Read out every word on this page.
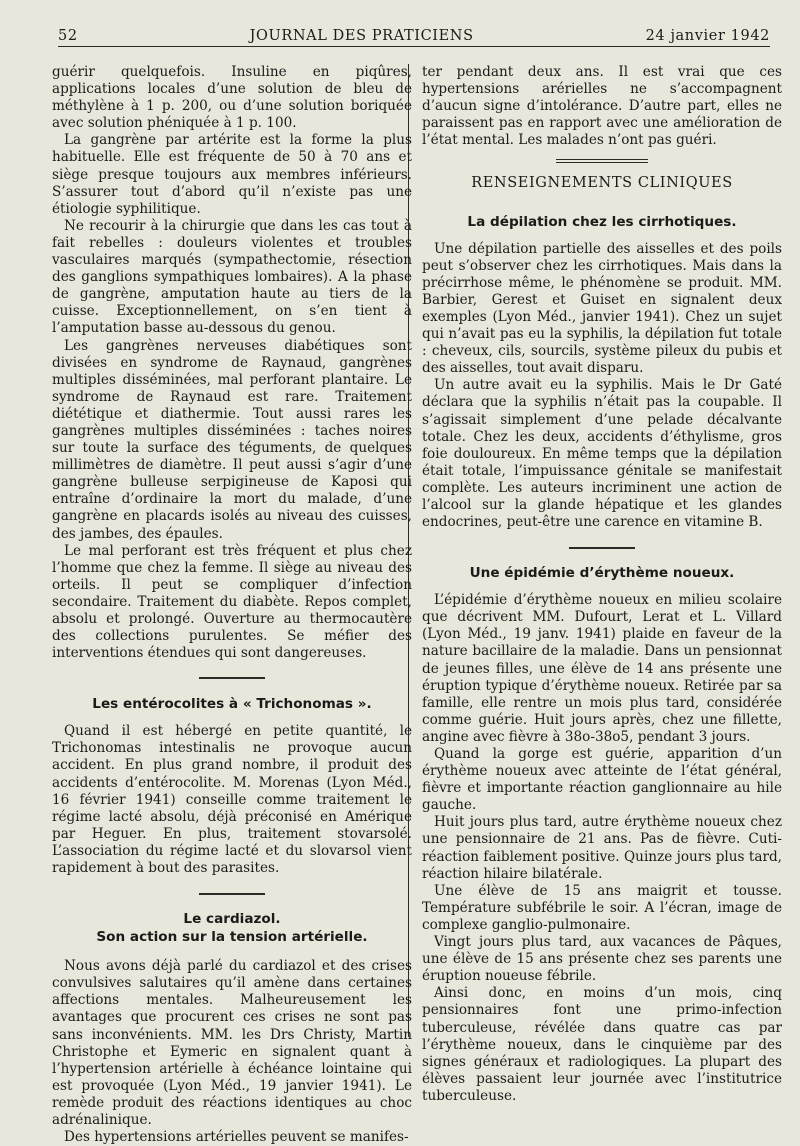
52	JOURNAL DES PRATICIENS	24 janvier 1942

guérir quelquefois. Insuline en piqûres, applications locales d’une solution de bleu de méthylène à 1 p. 200, ou d’une solution boriquée avec solution phéniquée à 1 p. 100.

La gangrène par artérite est la forme la plus habituelle. Elle est fréquente de 50 à 70 ans et siège presque toujours aux membres inférieurs. S’assurer tout d’abord qu’il n’existe pas une étiologie syphilitique.

Ne recourir à la chirurgie que dans les cas tout à fait rebelles : douleurs violentes et troubles vasculaires marqués (sympathectomie, résection des ganglions sympathiques lombaires). A la phase de gangrène, amputation haute au tiers de la cuisse. Exceptionnellement, on s’en tient à l’amputation basse au-dessous du genou.

Les gangrènes nerveuses diabétiques sont divisées en syndrome de Raynaud, gangrènes multiples disséminées, mal perforant plantaire. Le syndrome de Raynaud est rare. Traitement diététique et diathermie. Tout aussi rares les gangrènes multiples disséminées : taches noires sur toute la surface des téguments, de quelques millimètres de diamètre. Il peut aussi s’agir d’une gangrène bulleuse serpigineuse de Kaposi qui entraîne d’ordinaire la mort du malade, d’une gangrène en placards isolés au niveau des cuisses, des jambes, des épaules.

Le mal perforant est très fréquent et plus chez l’homme que chez la femme. Il siège au niveau des orteils. Il peut se compliquer d’infection secondaire. Traitement du diabète. Repos complet, absolu et prolongé. Ouverture au thermocautère des collections purulentes. Se méfier des interventions étendues qui sont dangereuses.

Les entérocolites à « Trichonomas ».

Quand il est hébergé en petite quantité, le Trichonomas intestinalis ne provoque aucun accident. En plus grand nombre, il produit des accidents d’entérocolite. M. Morenas (Lyon Méd., 16 février 1941) conseille comme traitement le régime lacté absolu, déjà préconisé en Amérique par Heguer. En plus, traitement stovarsolé. L’association du régime lacté et du slovarsol vient rapidement à bout des parasites.

Le cardiazol.
Son action sur la tension artérielle.

Nous avons déjà parlé du cardiazol et des crises convulsives salutaires qu’il amène dans certaines affections mentales. Malheureusement les avantages que procurent ces crises ne sont pas sans inconvénients. MM. les Drs Christy, Martin Christophe et Eymeric en signalent quant à l’hypertension artérielle à échéance lointaine qui est provoquée (Lyon Méd., 19 janvier 1941). Le remède produit des réactions identiques au choc adrénalinique.

Des hypertensions artérielles peuvent se manifes-

ter pendant deux ans. Il est vrai que ces hypertensions arérielles ne s’accompagnent d’aucun signe d’intolérance. D’autre part, elles ne paraissent pas en rapport avec une amélioration de l’état mental. Les malades n’ont pas guéri.

RENSEIGNEMENTS CLINIQUES
La dépilation chez les cirrhotiques.

Une dépilation partielle des aisselles et des poils peut s’observer chez les cirrhotiques. Mais dans la précirrhose même, le phénomène se produit. MM. Barbier, Gerest et Guiset en signalent deux exemples (Lyon Méd., janvier 1941). Chez un sujet qui n’avait pas eu la syphilis, la dépilation fut totale : cheveux, cils, sourcils, système pileux du pubis et des aisselles, tout avait disparu.

Un autre avait eu la syphilis. Mais le Dr Gaté déclara que la syphilis n’était pas la coupable. Il s’agissait simplement d’une pelade décalvante totale. Chez les deux, accidents d’éthylisme, gros foie douloureux. En même temps que la dépilation était totale, l’impuissance génitale se manifestait complète. Les auteurs incriminent une action de l’alcool sur la glande hépatique et les glandes endocrines, peut-être une carence en vitamine B.

Une épidémie d’érythème noueux.

L’épidémie d’érythème noueux en milieu scolaire que décrivent MM. Dufourt, Lerat et L. Villard (Lyon Méd., 19 janv. 1941) plaide en faveur de la nature bacillaire de la maladie. Dans un pensionnat de jeunes filles, une élève de 14 ans présente une éruption typique d’érythème noueux. Retirée par sa famille, elle rentre un mois plus tard, considérée comme guérie. Huit jours après, chez une fillette, angine avec fièvre à 38o-38o5, pendant 3 jours.

Quand la gorge est guérie, apparition d’un érythème noueux avec atteinte de l’état général, fièvre et importante réaction ganglionnaire au hile gauche.

Huit jours plus tard, autre érythème noueux chez une pensionnaire de 21 ans. Pas de fièvre. Cuti-réaction faiblement positive. Quinze jours plus tard, réaction hilaire bilatérale.

Une élève de 15 ans maigrit et tousse. Température subfébrile le soir. A l’écran, image de complexe ganglio-pulmonaire.

Vingt jours plus tard, aux vacances de Pâques, une élève de 15 ans présente chez ses parents une éruption noueuse fébrile.

Ainsi donc, en moins d’un mois, cinq pensionnaires font une primo-infection tuberculeuse, révélée dans quatre cas par l’érythème noueux, dans le cinquième par des signes généraux et radiologiques. La plupart des élèves passaient leur journée avec l’institutrice tuberculeuse.
